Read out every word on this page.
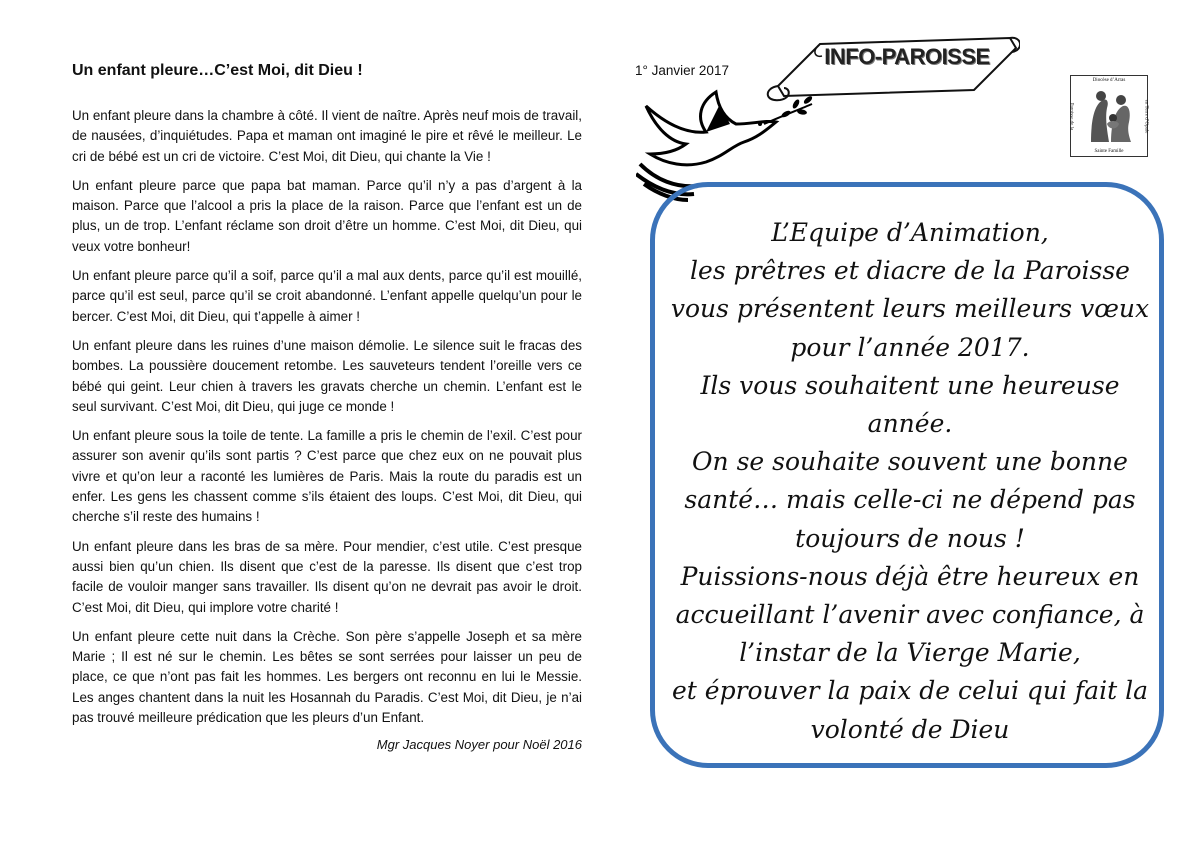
Un enfant pleure…C’est Moi, dit Dieu !

Un enfant pleure dans la chambre à côté. Il vient de naître. Après neuf mois de travail, de nausées, d’inquiétudes. Papa et maman ont imaginé le pire et rêvé le meilleur. Le cri de bébé est un cri de victoire. C’est Moi, dit Dieu, qui chante la Vie !

Un enfant pleure parce que papa bat maman. Parce qu’il n’y a pas d’argent à la maison. Parce que l’alcool a pris la place de la raison. Parce que l’enfant est un de plus, un de trop. L’enfant réclame son droit d’être un homme. C’est Moi, dit Dieu, qui veux votre bonheur!

Un enfant pleure parce qu’il a soif, parce qu’il a mal aux dents, parce qu’il est mouillé, parce qu’il est seul, parce qu’il se croit abandonné. L’enfant appelle quelqu’un pour le bercer. C’est Moi, dit Dieu, qui t’appelle à aimer !

Un enfant pleure dans les ruines d’une maison démolie. Le silence suit le fracas des bombes. La poussière doucement retombe. Les sauveteurs tendent l’oreille vers ce bébé qui geint. Leur chien à travers les gravats cherche un chemin. L’enfant est le seul survivant. C’est Moi, dit Dieu, qui juge ce monde !

Un enfant pleure sous la toile de tente. La famille a pris le chemin de l’exil. C’est pour assurer son avenir qu’ils sont partis ? C’est parce que chez eux on ne pouvait plus vivre et qu’on leur a raconté les lumières de Paris. Mais la route du paradis est un enfer. Les gens les chassent comme s’ils étaient des loups. C’est Moi, dit Dieu, qui cherche s’il reste des humains !

Un enfant pleure dans les bras de sa mère. Pour mendier, c’est utile. C’est presque aussi bien qu’un chien. Ils disent que c’est de la paresse. Ils disent que c’est trop facile de vouloir manger sans travailler. Ils disent qu’on ne devrait pas avoir le droit. C’est Moi, dit Dieu, qui implore votre charité !

Un enfant pleure cette nuit dans la Crèche. Son père s’appelle Joseph et sa mère Marie ; Il est né sur le chemin. Les bêtes se sont serrées pour laisser un peu de place, ce que n’ont pas fait les hommes. Les bergers ont reconnu en lui le Messie. Les anges chantent dans la nuit les Hosannah du Paradis. C’est Moi, dit Dieu, je n’ai pas trouvé meilleure prédication que les pleurs d’un Enfant.

Mgr Jacques Noyer pour Noël 2016
1° Janvier 2017
INFO-PAROISSE
Diocèse d’Arras
Paroisse de la	en Terre d’Opale
Sainte Famille
L’Equipe d’Animation,
les prêtres et diacre de la Paroisse
vous présentent leurs meilleurs vœux
pour l’année 2017.
Ils vous souhaitent une heureuse
année.
On se souhaite souvent une bonne
santé… mais celle-ci ne dépend pas
toujours de nous !
Puissions-nous déjà être heureux en
accueillant l’avenir avec confiance, à
l’instar de la Vierge Marie,
et éprouver la paix de celui qui fait la
volonté de Dieu
